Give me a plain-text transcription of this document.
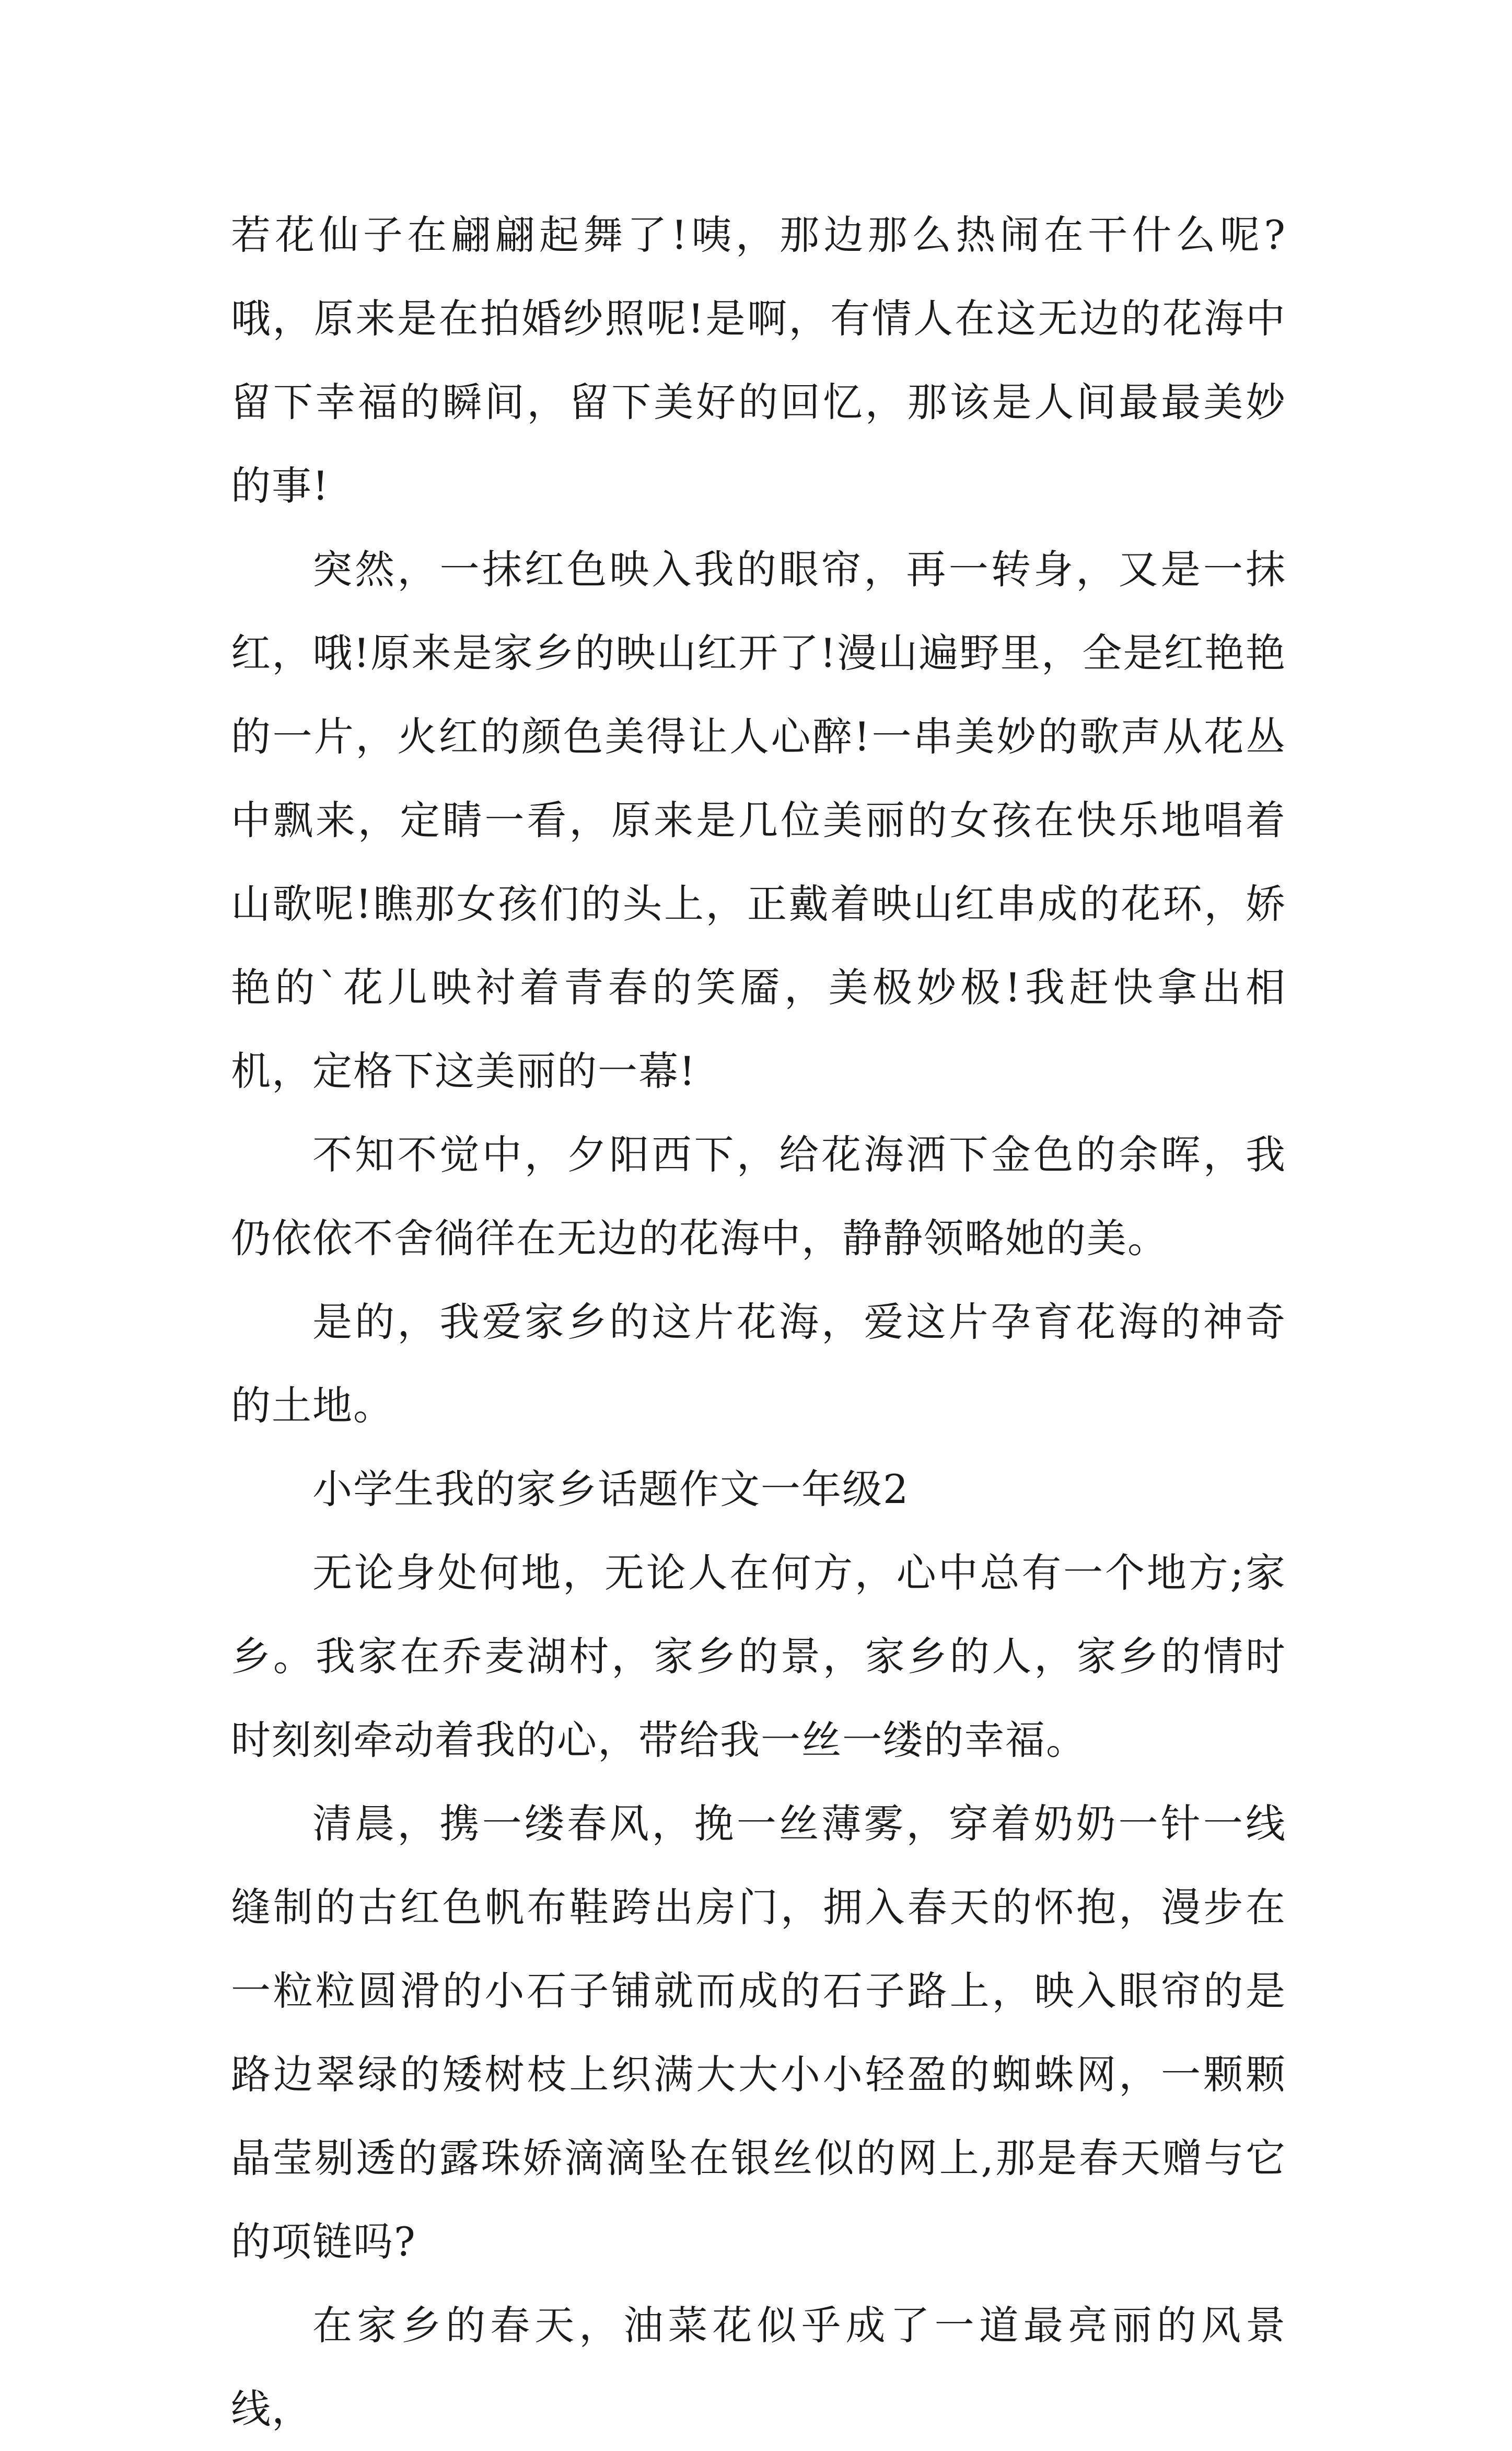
若花仙子在翩翩起舞了!咦，那边那么热闹在干什么呢?哦，原来是在拍婚纱照呢!是啊，有情人在这无边的花海中留下幸福的瞬间，留下美好的回忆，那该是人间最最美妙的事!

突然，一抹红色映入我的眼帘，再一转身，又是一抹红，哦!原来是家乡的映山红开了!漫山遍野里，全是红艳艳的一片，火红的颜色美得让人心醉!一串美妙的歌声从花丛中飘来，定睛一看，原来是几位美丽的女孩在快乐地唱着山歌呢!瞧那女孩们的头上，正戴着映山红串成的花环，娇艳的`花儿映衬着青春的笑靥，美极妙极!我赶快拿出相机，定格下这美丽的一幕!

不知不觉中，夕阳西下，给花海洒下金色的余晖，我仍依依不舍徜徉在无边的花海中，静静领略她的美。

是的，我爱家乡的这片花海，爱这片孕育花海的神奇的土地。

小学生我的家乡话题作文一年级2

无论身处何地，无论人在何方，心中总有一个地方;家乡。我家在乔麦湖村，家乡的景，家乡的人，家乡的情时时刻刻牵动着我的心，带给我一丝一缕的幸福。

清晨，携一缕春风，挽一丝薄雾，穿着奶奶一针一线缝制的古红色帆布鞋跨出房门，拥入春天的怀抱，漫步在一粒粒圆滑的小石子铺就而成的石子路上，映入眼帘的是路边翠绿的矮树枝上织满大大小小轻盈的蜘蛛网，一颗颗晶莹剔透的露珠娇滴滴坠在银丝似的网上,那是春天赠与它的项链吗?

在家乡的春天，油菜花似乎成了一道最亮丽的风景线，
